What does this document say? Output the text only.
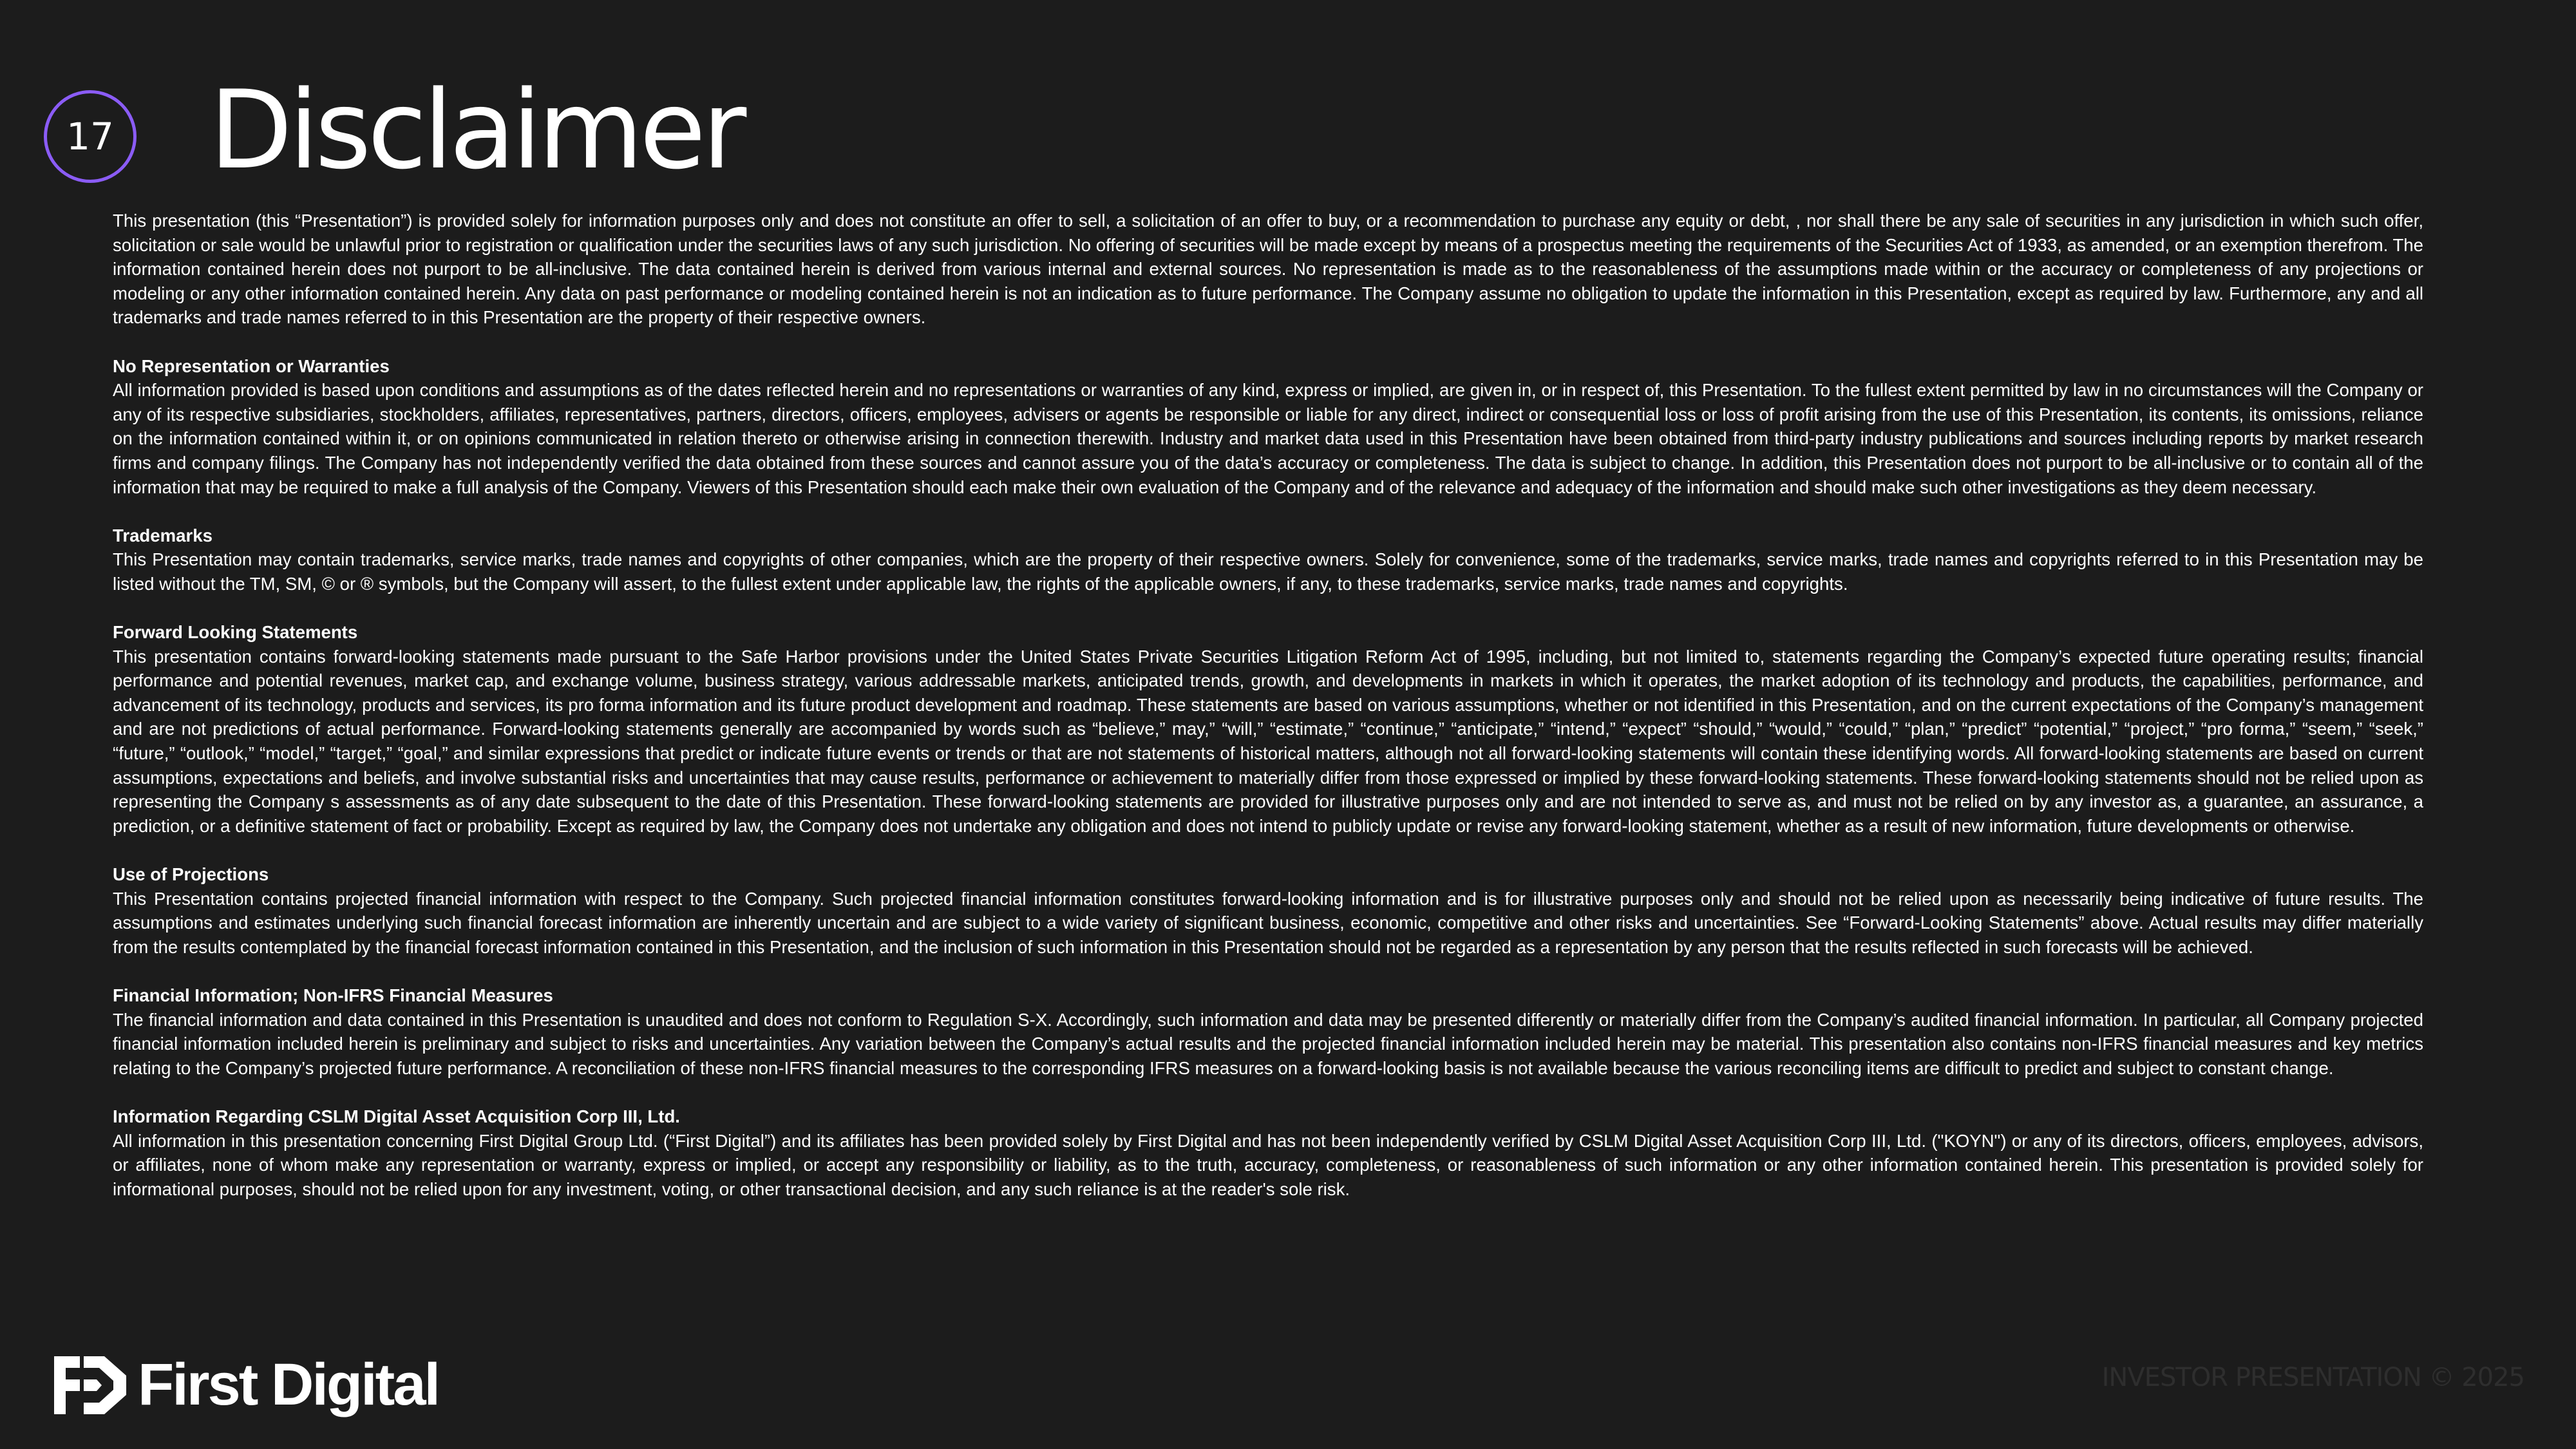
17 Disclaimer

This presentation (this “Presentation”) is provided solely for information purposes only and does not constitute an offer to sell, a solicitation of an offer to buy, or a recommendation to purchase any equity or debt, , nor shall there be any sale of securities in any jurisdiction in which such offer, solicitation or sale would be unlawful prior to registration or qualification under the securities laws of any such jurisdiction. No offering of securities will be made except by means of a prospectus meeting the requirements of the Securities Act of 1933, as amended, or an exemption therefrom. The information contained herein does not purport to be all-inclusive. The data contained herein is derived from various internal and external sources. No representation is made as to the reasonableness of the assumptions made within or the accuracy or completeness of any projections or modeling or any other information contained herein. Any data on past performance or modeling contained herein is not an indication as to future performance. The Company assume no obligation to update the information in this Presentation, except as required by law. Furthermore, any and all trademarks and trade names referred to in this Presentation are the property of their respective owners.

No Representation or Warranties
All information provided is based upon conditions and assumptions as of the dates reflected herein and no representations or warranties of any kind, express or implied, are given in, or in respect of, this Presentation. To the fullest extent permitted by law in no circumstances will the Company or any of its respective subsidiaries, stockholders, affiliates, representatives, partners, directors, officers, employees, advisers or agents be responsible or liable for any direct, indirect or consequential loss or loss of profit arising from the use of this Presentation, its contents, its omissions, reliance on the information contained within it, or on opinions communicated in relation thereto or otherwise arising in connection therewith. Industry and market data used in this Presentation have been obtained from third-party industry publications and sources including reports by market research firms and company filings. The Company has not independently verified the data obtained from these sources and cannot assure you of the data’s accuracy or completeness. The data is subject to change. In addition, this Presentation does not purport to be all-inclusive or to contain all of the information that may be required to make a full analysis of the Company. Viewers of this Presentation should each make their own evaluation of the Company and of the relevance and adequacy of the information and should make such other investigations as they deem necessary.

Trademarks
This Presentation may contain trademarks, service marks, trade names and copyrights of other companies, which are the property of their respective owners. Solely for convenience, some of the trademarks, service marks, trade names and copyrights referred to in this Presentation may be listed without the TM, SM, © or ® symbols, but the Company will assert, to the fullest extent under applicable law, the rights of the applicable owners, if any, to these trademarks, service marks, trade names and copyrights.

Forward Looking Statements
This presentation contains forward-looking statements made pursuant to the Safe Harbor provisions under the United States Private Securities Litigation Reform Act of 1995, including, but not limited to, statements regarding the Company’s expected future operating results; financial performance and potential revenues, market cap, and exchange volume, business strategy, various addressable markets, anticipated trends, growth, and developments in markets in which it operates, the market adoption of its technology and products, the capabilities, performance, and advancement of its technology, products and services, its pro forma information and its future product development and roadmap. These statements are based on various assumptions, whether or not identified in this Presentation, and on the current expectations of the Company’s management and are not predictions of actual performance. Forward-looking statements generally are accompanied by words such as “believe,” may,” “will,” “estimate,” “continue,” “anticipate,” “intend,” “expect” “should,” “would,” “could,” “plan,” “predict” “potential,” “project,” “pro forma,” “seem,” “seek,” “future,” “outlook,” “model,” “target,” “goal,” and similar expressions that predict or indicate future events or trends or that are not statements of historical matters, although not all forward-looking statements will contain these identifying words. All forward-looking statements are based on current assumptions, expectations and beliefs, and involve substantial risks and uncertainties that may cause results, performance or achievement to materially differ from those expressed or implied by these forward-looking statements. These forward-looking statements should not be relied upon as representing the Company s assessments as of any date subsequent to the date of this Presentation. These forward-looking statements are provided for illustrative purposes only and are not intended to serve as, and must not be relied on by any investor as, a guarantee, an assurance, a prediction, or a definitive statement of fact or probability. Except as required by law, the Company does not undertake any obligation and does not intend to publicly update or revise any forward-looking statement, whether as a result of new information, future developments or otherwise.

Use of Projections
This Presentation contains projected financial information with respect to the Company. Such projected financial information constitutes forward-looking information and is for illustrative purposes only and should not be relied upon as necessarily being indicative of future results. The assumptions and estimates underlying such financial forecast information are inherently uncertain and are subject to a wide variety of significant business, economic, competitive and other risks and uncertainties. See “Forward-Looking Statements” above. Actual results may differ materially from the results contemplated by the financial forecast information contained in this Presentation, and the inclusion of such information in this Presentation should not be regarded as a representation by any person that the results reflected in such forecasts will be achieved.

Financial Information; Non-IFRS Financial Measures
The financial information and data contained in this Presentation is unaudited and does not conform to Regulation S-X. Accordingly, such information and data may be presented differently or materially differ from the Company’s audited financial information. In particular, all Company projected financial information included herein is preliminary and subject to risks and uncertainties. Any variation between the Company’s actual results and the projected financial information included herein may be material. This presentation also contains non-IFRS financial measures and key metrics relating to the Company’s projected future performance. A reconciliation of these non-IFRS financial measures to the corresponding IFRS measures on a forward-looking basis is not available because the various reconciling items are difficult to predict and subject to constant change.

Information Regarding CSLM Digital Asset Acquisition Corp III, Ltd.
All information in this presentation concerning First Digital Group Ltd. (“First Digital”) and its affiliates has been provided solely by First Digital and has not been independently verified by CSLM Digital Asset Acquisition Corp III, Ltd. ("KOYN") or any of its directors, officers, employees, advisors, or affiliates, none of whom make any representation or warranty, express or implied, or accept any responsibility or liability, as to the truth, accuracy, completeness, or reasonableness of such information or any other information contained herein. This presentation is provided solely for informational purposes, should not be relied upon for any investment, voting, or other transactional decision, and any such reliance is at the reader's sole risk.

First Digital	INVESTOR PRESENTATION © 2025
